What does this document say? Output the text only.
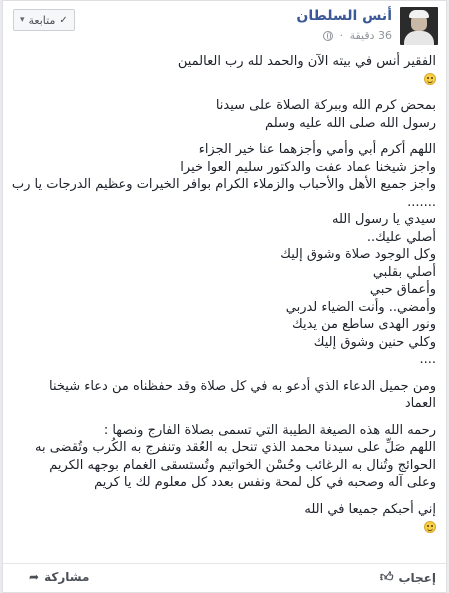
أنس السلطان
36 دقيقة ·
✓
متابعة
▾
الفقير أنس في بيته الآن والحمد لله رب العالمين
بمحض كرم الله وببركة الصلاة على سيدنا
رسول الله صلى الله عليه وسلم
اللهم أكرم أبي وأمي وأجزهما عنا خير الجزاء
واجز شيخنا عماد عفت والدكتور سليم العوا خيرا
واجز جميع الأهل والأحباب والزملاء الكرام بوافر الخيرات وعظيم الدرجات يا رب
.......
سيدي يا رسول الله
أصلي عليك..
وكل الوجود صلاة وشوق إليك
أصلي بقلبي
وأعماق حبي
وأمضي.. وأنت الضياء لدربي
ونور الهدى ساطع من يديك
وكلي حنين وشوق إليك
....
ومن جميل الدعاء الذي أدعو به في كل صلاة وقد حفظناه من دعاء شيخنا
العماد
رحمه الله هذه الصيغة الطيبة التي تسمى بصلاة الفارج ونصها :
اللهم صَلِّ على سيدنا محمد الذي تنحل به العُقد وتنفرج به الكُرب وتُقضى به
الحوائج وتُنال به الرغائب وحُسْن الخواتيم وتُستسقى الغمام بوجهه الكريم
وعلى آله وصحبه في كل لمحة ونفس بعدد كل معلوم لك يا كريم
إني أحبكم جميعا في الله
👍︎ إعجاب
مشاركة
➦
